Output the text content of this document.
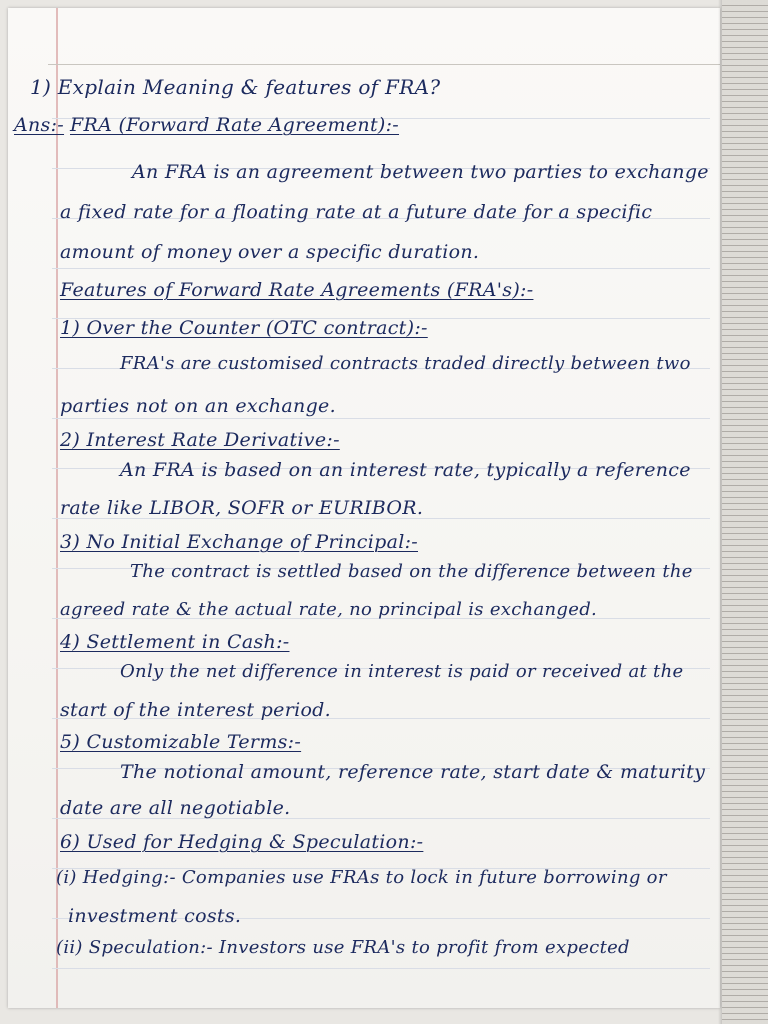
1) Explain Meaning & features of FRA?
Ans:- FRA (Forward Rate Agreement):-
An FRA is an agreement between two parties to exchange
a fixed rate for a floating rate at a future date for a specific
amount of money over a specific duration.
Features of Forward Rate Agreements (FRA's):-
1) Over the Counter (OTC contract):-
FRA's are customised contracts traded directly between two
parties not on an exchange.
2) Interest Rate Derivative:-
An FRA is based on an interest rate, typically a reference
rate like LIBOR, SOFR or EURIBOR.
3) No Initial Exchange of Principal:-
The contract is settled based on the difference between the
agreed rate & the actual rate, no principal is exchanged.
4) Settlement in Cash:-
Only the net difference in interest is paid or received at the
start of the interest period.
5) Customizable Terms:-
The notional amount, reference rate, start date & maturity
date are all negotiable.
6) Used for Hedging & Speculation:-
(i) Hedging:- Companies use FRAs to lock in future borrowing or
investment costs.
(ii) Speculation:- Investors use FRA's to profit from expected
